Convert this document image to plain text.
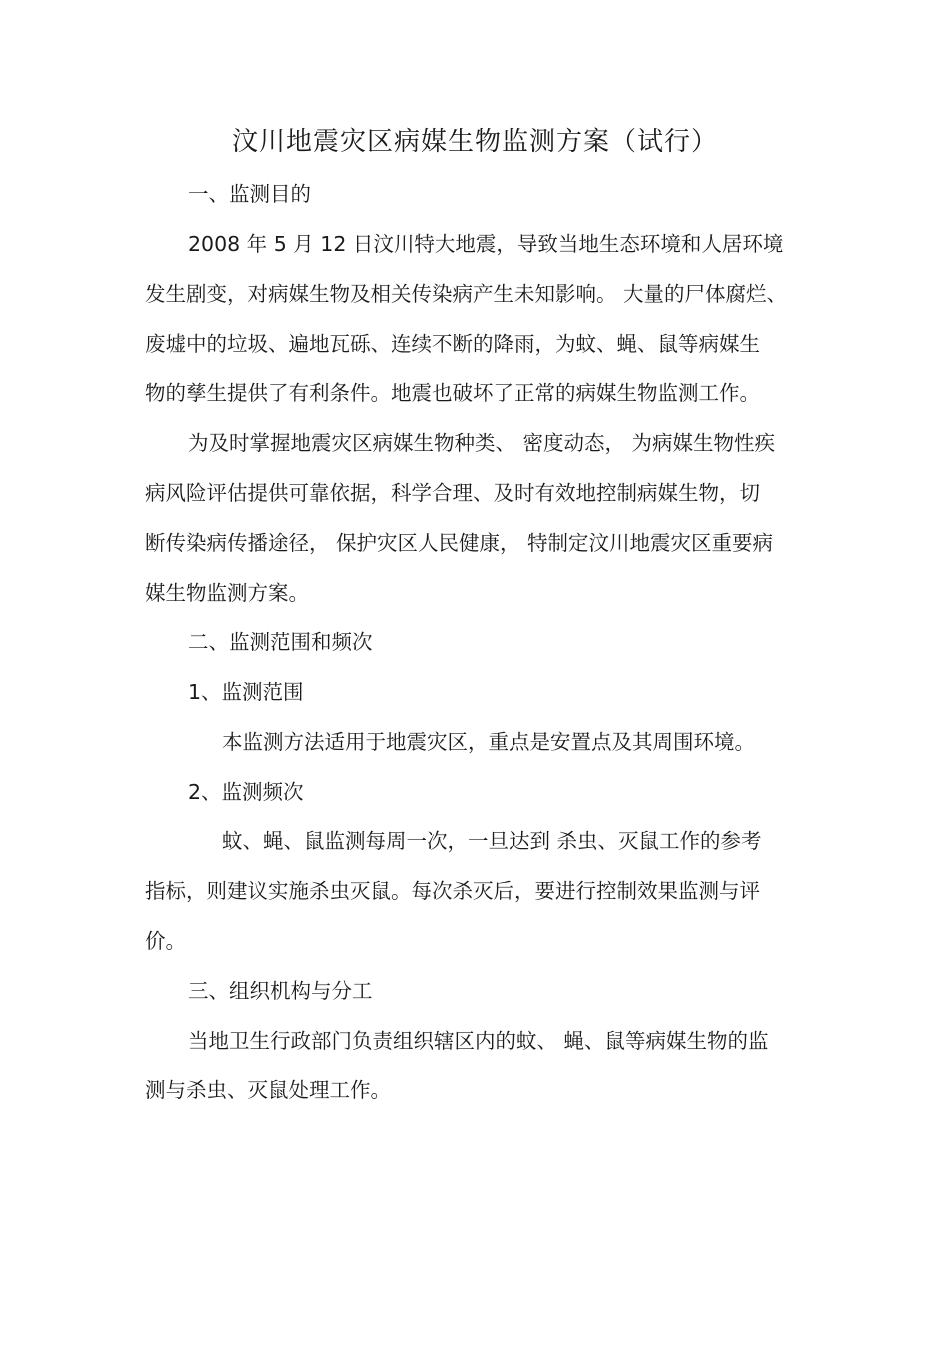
汶川地震灾区病媒生物监测方案（试行）
一、监测目的
2008 年 5 月 12 日汶川特大地震，导致当地生态环境和人居环境
发生剧变，对病媒生物及相关传染病产生未知影响。 大量的尸体腐烂、
废墟中的垃圾、遍地瓦砾、连续不断的降雨，为蚊、蝇、鼠等病媒生
物的孳生提供了有利条件。地震也破坏了正常的病媒生物监测工作。
为及时掌握地震灾区病媒生物种类、 密度动态， 为病媒生物性疾
病风险评估提供可靠依据，科学合理、及时有效地控制病媒生物，切
断传染病传播途径， 保护灾区人民健康， 特制定汶川地震灾区重要病
媒生物监测方案。
二、监测范围和频次
1、监测范围
本监测方法适用于地震灾区，重点是安置点及其周围环境。
2、监测频次
蚊、蝇、鼠监测每周一次，一旦达到 杀虫、灭鼠工作的参考
指标，则建议实施杀虫灭鼠。每次杀灭后，要进行控制效果监测与评
价。
三、组织机构与分工
当地卫生行政部门负责组织辖区内的蚊、 蝇、鼠等病媒生物的监
测与杀虫、灭鼠处理工作。
